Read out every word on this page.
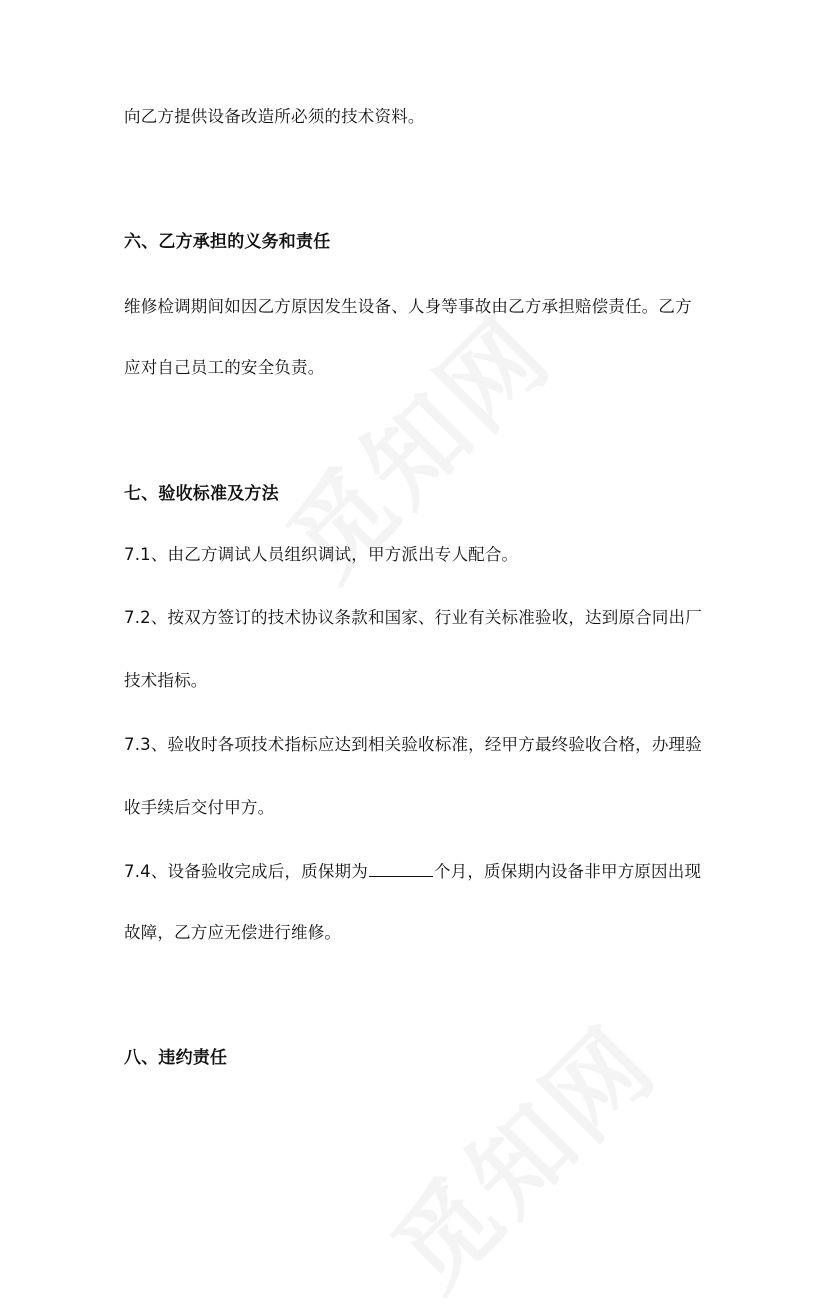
向乙方提供设备改造所必须的技术资料。
六、乙方承担的义务和责任
维修检调期间如因乙方原因发生设备、人身等事故由乙方承担赔偿责任。乙方
应对自己员工的安全负责。
七、验收标准及方法
7.1、由乙方调试人员组织调试，甲方派出专人配合。
7.2、按双方签订的技术协议条款和国家、行业有关标准验收，达到原合同出厂
技术指标。
7.3、验收时各项技术指标应达到相关验收标准，经甲方最终验收合格，办理验
收手续后交付甲方。
7.4、设备验收完成后，质保期为	个月，质保期内设备非甲方原因出现
故障，乙方应无偿进行维修。
八、违约责任
